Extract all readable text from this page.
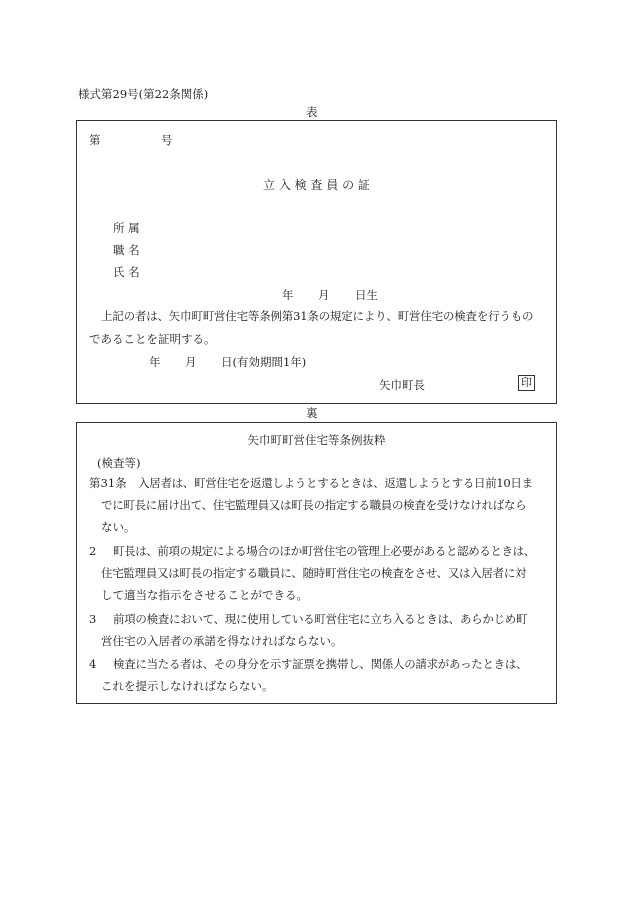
様式第29号(第22条関係)
表
第	号
立 入 検 査 員 の 証
所 属
職 名
氏 名
年 月 日生
上記の者は、矢巾町町営住宅等条例第31条の規定により、町営住宅の検査を行うもの
であることを証明する。
年 月 日(有効期間1年)
矢巾町長	印
裏
矢巾町町営住宅等条例抜粋
(検査等)
第31条 入居者は、町営住宅を返還しようとするときは、返還しようとする日前10日ま
でに町長に届け出て、住宅監理員又は町長の指定する職員の検査を受けなければなら
ない。
2 町長は、前項の規定による場合のほか町営住宅の管理上必要があると認めるときは、
住宅監理員又は町長の指定する職員に、随時町営住宅の検査をさせ、又は入居者に対
して適当な指示をさせることができる。
3 前項の検査において、現に使用している町営住宅に立ち入るときは、あらかじめ町
営住宅の入居者の承諾を得なければならない。
4 検査に当たる者は、その身分を示す証票を携帯し、関係人の請求があったときは、
これを提示しなければならない。
